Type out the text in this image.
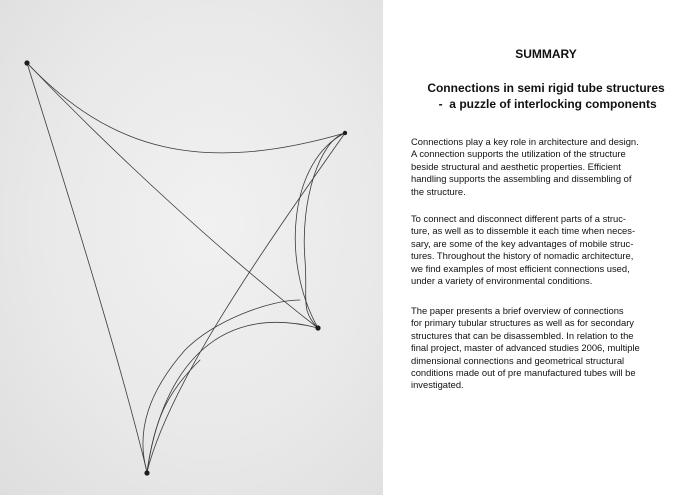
SUMMARY
Connections in semi rigid tube structures
-  a puzzle of interlocking components

Connections play a key role in architecture and design.
A connection supports the utilization of the structure
beside structural and aesthetic properties. Efficient
handling supports the assembling and dissembling of
the structure.

To connect and disconnect different parts of a struc-
ture, as well as to dissemble it each time when neces-
sary, are some of the key advantages of mobile struc-
tures. Throughout the history of nomadic architecture,
we find examples of most efficient connections used,
under a variety of environmental conditions.

The paper presents a brief overview of connections
for primary tubular structures as well as for secondary
structures that can be disassembled. In relation to the
final project, master of advanced studies 2006, multiple
dimensional connections and geometrical structural
conditions made out of pre manufactured tubes will be
investigated.
